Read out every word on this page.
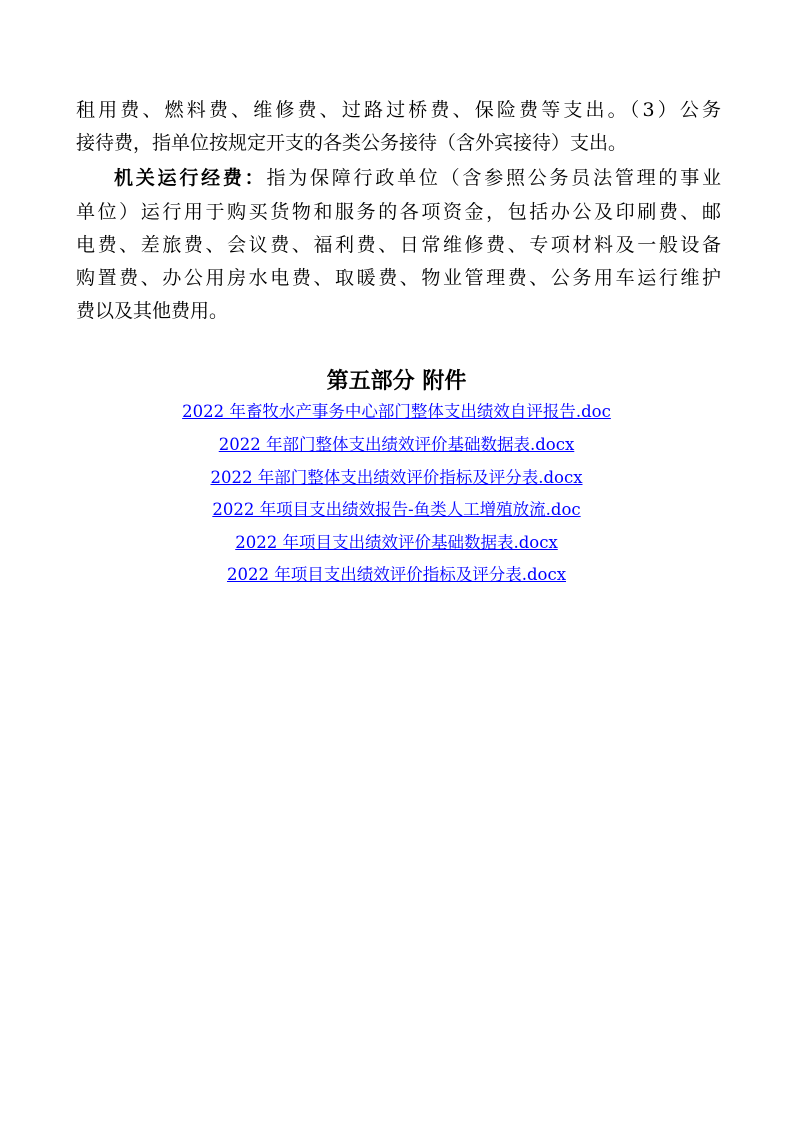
租用费、燃料费、维修费、过路过桥费、保险费等支出。（3）公务
接待费，指单位按规定开支的各类公务接待（含外宾接待）支出。
机关运行经费：指为保障行政单位（含参照公务员法管理的事业
单位）运行用于购买货物和服务的各项资金，包括办公及印刷费、邮
电费、差旅费、会议费、福利费、日常维修费、专项材料及一般设备
购置费、办公用房水电费、取暖费、物业管理费、公务用车运行维护
费以及其他费用。
第五部分 附件
2022 年畜牧水产事务中心部门整体支出绩效自评报告.doc
2022 年部门整体支出绩效评价基础数据表.docx
2022 年部门整体支出绩效评价指标及评分表.docx
2022 年项目支出绩效报告-鱼类人工增殖放流.doc
2022 年项目支出绩效评价基础数据表.docx
2022 年项目支出绩效评价指标及评分表.docx
